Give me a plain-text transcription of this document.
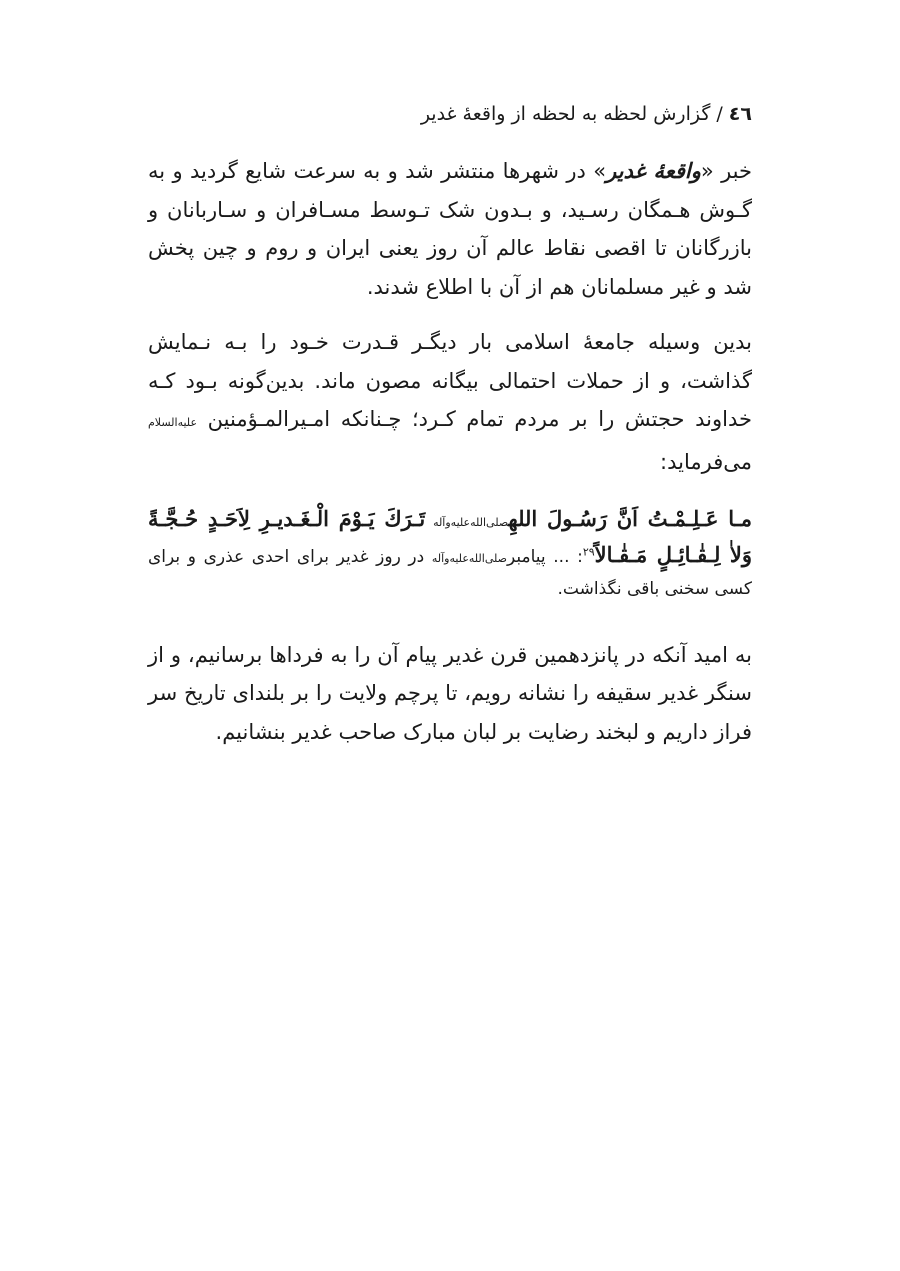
٤٦/گزارش لحظه به لحظه از واقعۀ غدیر

خبر «واقعۀ غدیر» در شهرها منتشر شد و به سرعت شایع گردید و به گـوش هـمگان رسـید، و بـدون شک تـوسط مسـافران و سـاربانان و بازرگانان تا اقصی نقاط عالم آن روز یعنی ایران و روم و چین پخش شد و غیر مسلمانان هم از آن با اطلاع شدند.

بدین وسیله جامعۀ اسلامی بار دیگـر قـدرت خـود را بـه نـمایش گذاشت، و از حملات احتمالی بیگانه مصون ماند. بدین‌گونه بـود کـه خداوند حجتش را بر مردم تمام کـرد؛ چـنانکه امـیرالمـؤمنین علیه‌السلام می‌فرماید:

مـا عَـلِـمْـتُ اَنَّ رَسُـولَ اللهِصلی‌الله‌علیه‌وآله تَـرَكَ يَـوْمَ الْـغَـديـرِ لِاَحَـدٍ حُـجَّـةً وَلاٰ لِـقٰـائِـلٍ مَـقٰـالاً$^{٢٩}$: ... پیامبرصلی‌الله‌علیه‌وآله در روز غدیر برای احدی عذری و برای کسی سخنی باقی نگذاشت.

به امید آنکه در پانزدهمین قرن غدیر پیام آن را به فرداها برسانیم، و از سنگر غدیر سقیفه را نشانه رویم، تا پرچم ولایت را بر بلندای تاریخ سر فراز داریم و لبخند رضایت بر لبان مبارک صاحب غدیر بنشانیم.
